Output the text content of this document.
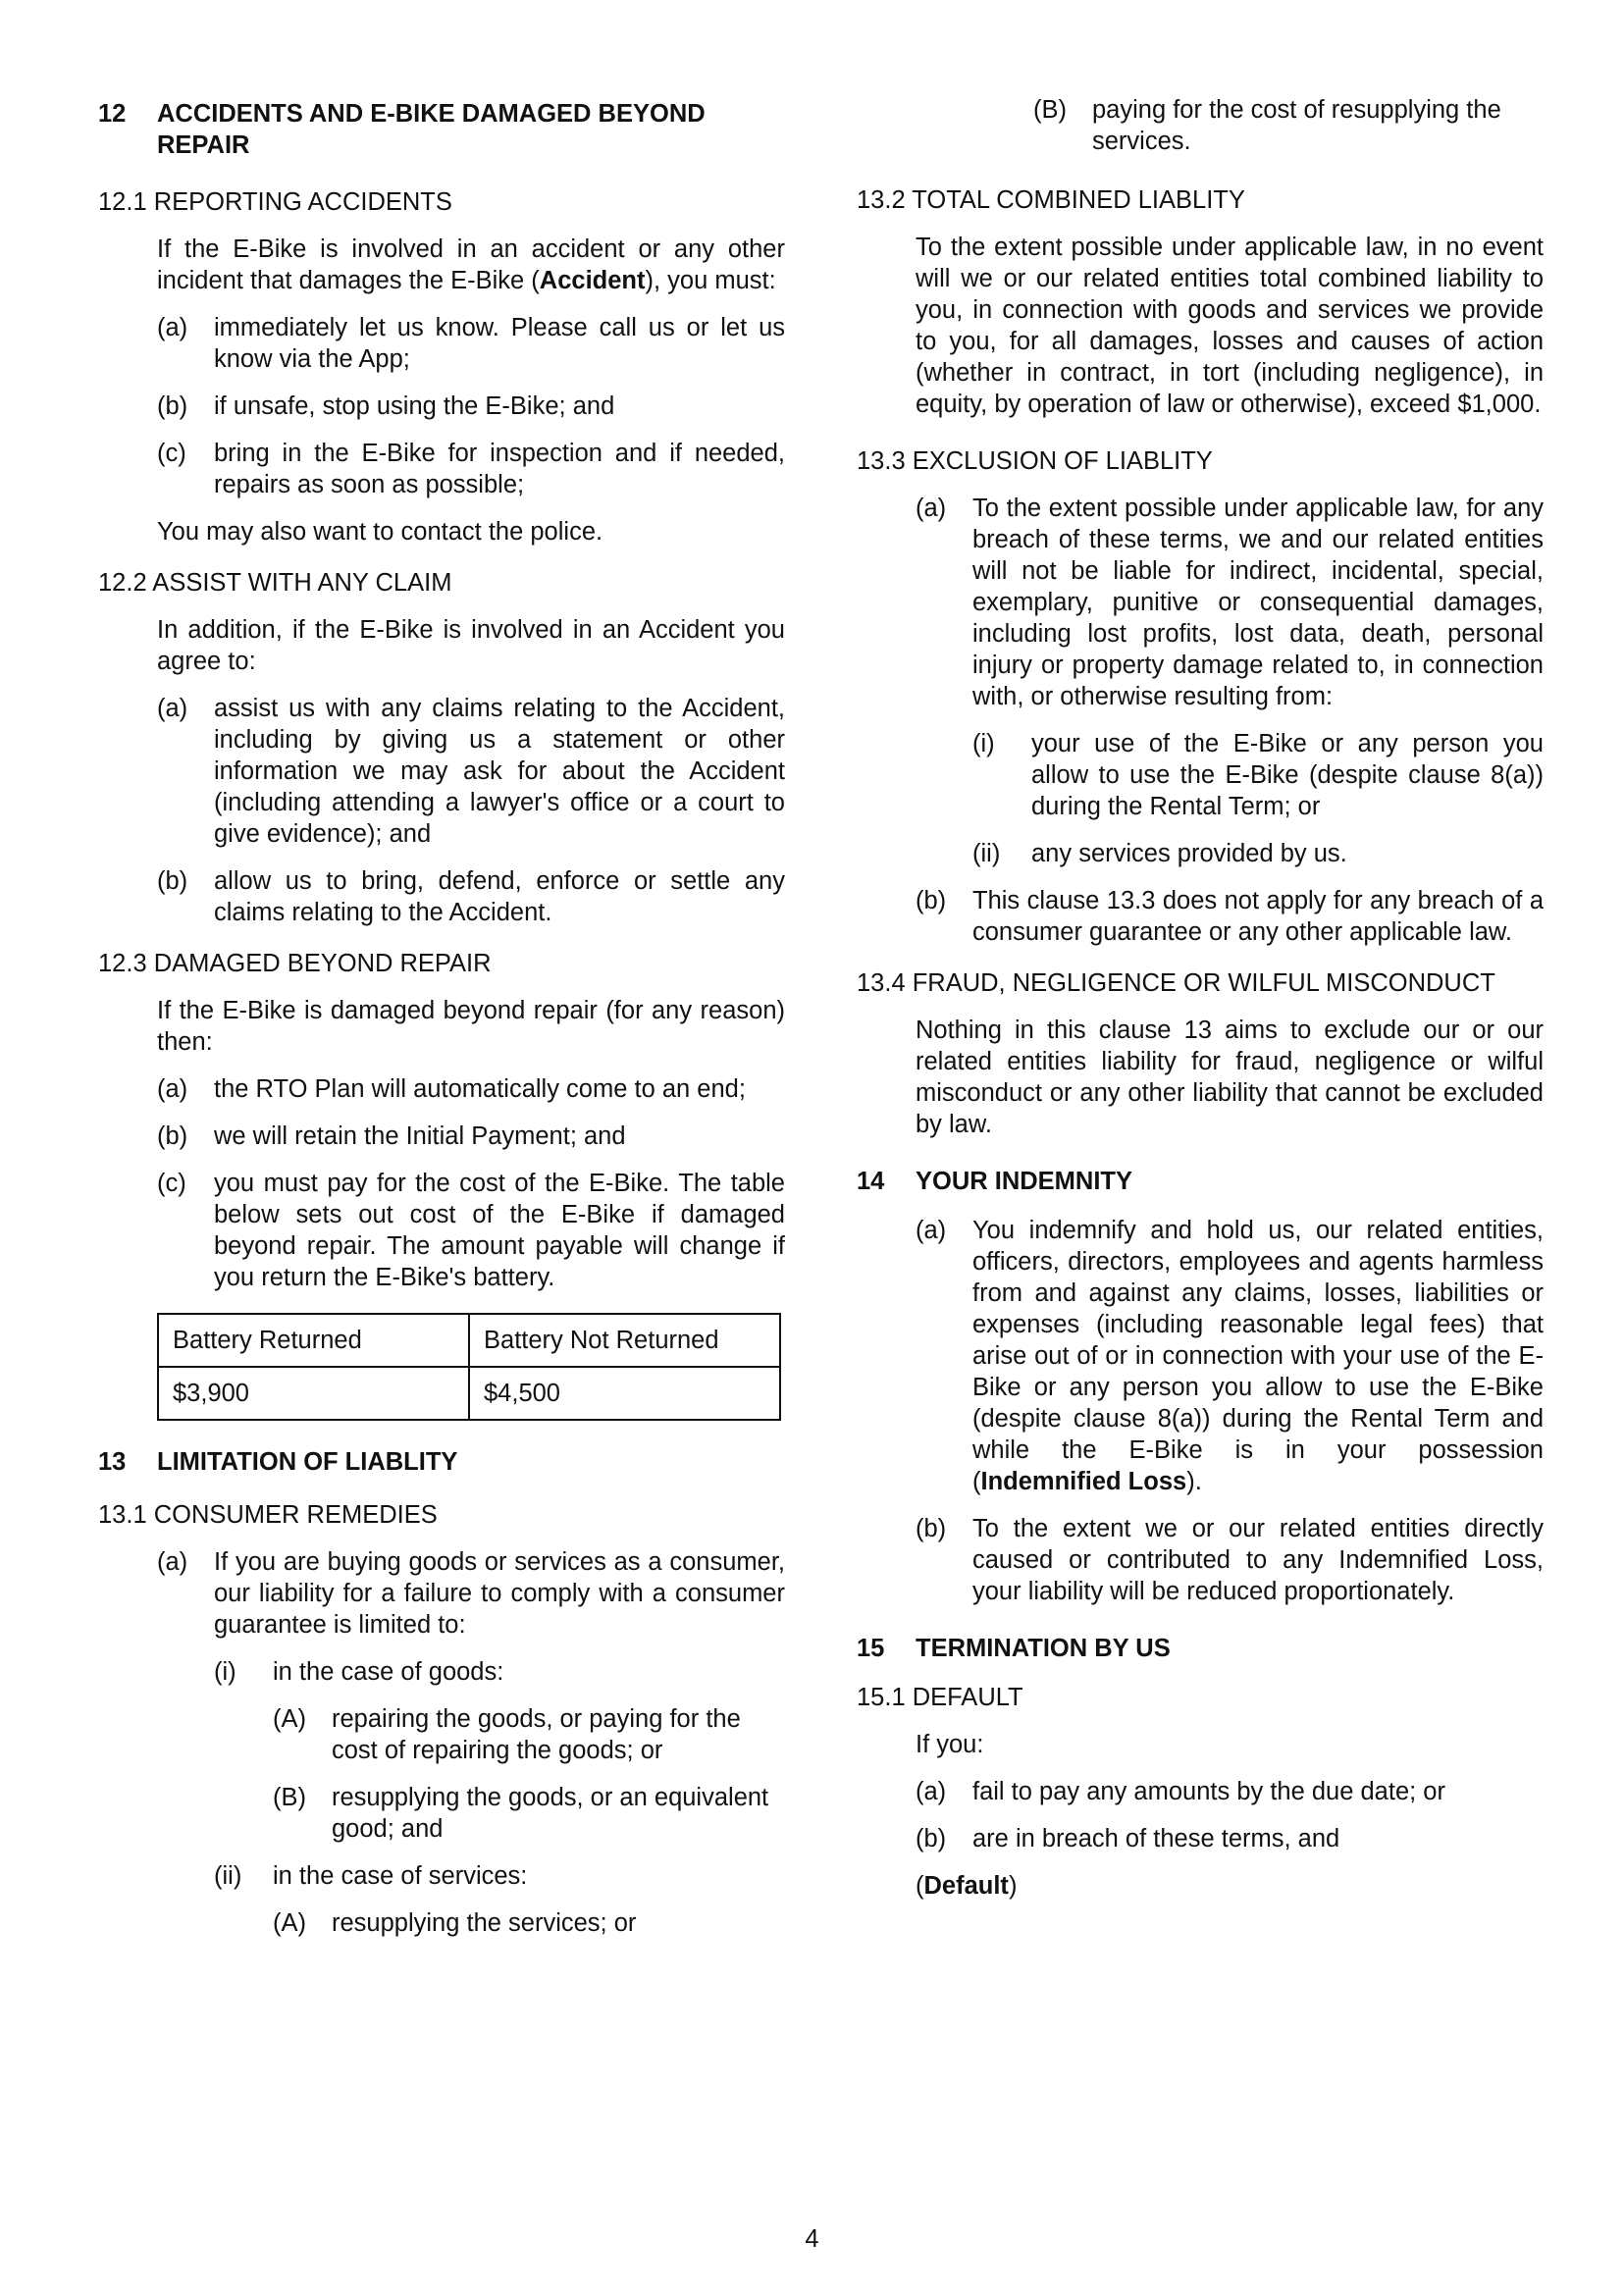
12	ACCIDENTS AND E-BIKE DAMAGED BEYOND REPAIR
12.1 REPORTING ACCIDENTS
If the E-Bike is involved in an accident or any other incident that damages the E-Bike (Accident), you must:
(a)	immediately let us know. Please call us or let us know via the App;
(b)	if unsafe, stop using the E-Bike; and
(c)	bring in the E-Bike for inspection and if needed, repairs as soon as possible;
You may also want to contact the police.
12.2 ASSIST WITH ANY CLAIM
In addition, if the E-Bike is involved in an Accident you agree to:
(a)	assist us with any claims relating to the Accident, including by giving us a statement or other information we may ask for about the Accident (including attending a lawyer's office or a court to give evidence); and
(b)	allow us to bring, defend, enforce or settle any claims relating to the Accident.
12.3 DAMAGED BEYOND REPAIR
If the E-Bike is damaged beyond repair (for any reason) then:
(a)	the RTO Plan will automatically come to an end;
(b)	we will retain the Initial Payment; and
(c)	you must pay for the cost of the E-Bike. The table below sets out cost of the E-Bike if damaged beyond repair. The amount payable will change if you return the E-Bike's battery.
Battery Returned	Battery Not Returned
$3,900	$4,500
13	LIMITATION OF LIABLITY
13.1 CONSUMER REMEDIES
(a)	If you are buying goods or services as a consumer, our liability for a failure to comply with a consumer guarantee is limited to:
(i)	in the case of goods:
(A)	repairing the goods, or paying for the cost of repairing the goods; or
(B)	resupplying the goods, or an equivalent good; and
(ii)	in the case of services:
(A)	resupplying the services; or
(B)	paying for the cost of resupplying the services.
13.2 TOTAL COMBINED LIABLITY
To the extent possible under applicable law, in no event will we or our related entities total combined liability to you, in connection with goods and services we provide to you, for all damages, losses and causes of action (whether in contract, in tort (including negligence), in equity, by operation of law or otherwise), exceed $1,000.
13.3 EXCLUSION OF LIABLITY
(a)	To the extent possible under applicable law, for any breach of these terms, we and our related entities will not be liable for indirect, incidental, special, exemplary, punitive or consequential damages, including lost profits, lost data, death, personal injury or property damage related to, in connection with, or otherwise resulting from:
(i)	your use of the E-Bike or any person you allow to use the E-Bike (despite clause 8(a)) during the Rental Term; or
(ii)	any services provided by us.
(b)	This clause 13.3 does not apply for any breach of a consumer guarantee or any other applicable law.
13.4 FRAUD, NEGLIGENCE OR WILFUL MISCONDUCT
Nothing in this clause 13 aims to exclude our or our related entities liability for fraud, negligence or wilful misconduct or any other liability that cannot be excluded by law.
14	YOUR INDEMNITY
(a)	You indemnify and hold us, our related entities, officers, directors, employees and agents harmless from and against any claims, losses, liabilities or expenses (including reasonable legal fees) that arise out of or in connection with your use of the E-Bike or any person you allow to use the E-Bike (despite clause 8(a)) during the Rental Term and while the E-Bike is in your possession (Indemnified Loss).
(b)	To the extent we or our related entities directly caused or contributed to any Indemnified Loss, your liability will be reduced proportionately.
15	TERMINATION BY US
15.1 DEFAULT
If you:
(a)	fail to pay any amounts by the due date; or
(b)	are in breach of these terms, and
(Default)
4
